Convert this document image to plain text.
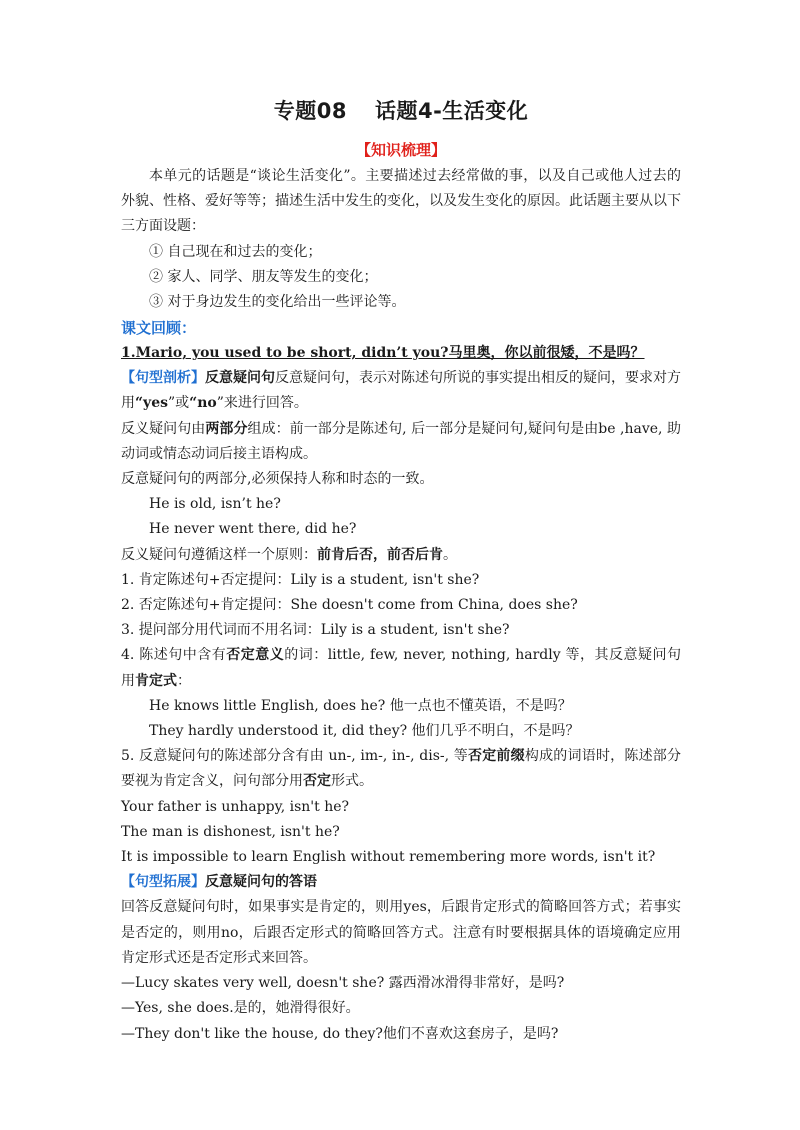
专题08 话题4-生活变化

【知识梳理】

本单元的话题是“谈论生活变化”。主要描述过去经常做的事，以及自己或他人过去的外貌、性格、爱好等等；描述生活中发生的变化，以及发生变化的原因。此话题主要从以下三方面设题：

① 自己现在和过去的变化；

② 家人、同学、朋友等发生的变化；

③ 对于身边发生的变化给出一些评论等。

课文回顾：

1.Mario, you used to be short, didn’t you?马里奥，你以前很矮，不是吗？

【句型剖析】反意疑问句反意疑问句，表示对陈述句所说的事实提出相反的疑问，要求对方用“yes”或“no”来进行回答。

反义疑问句由两部分组成：前一部分是陈述句, 后一部分是疑问句,疑问句是由be ,have, 助动词或情态动词后接主语构成。

反意疑问句的两部分,必须保持人称和时态的一致。

He is old, isn’t he?

He never went there, did he?

反义疑问句遵循这样一个原则：前肯后否，前否后肯。

1. 肯定陈述句+否定提问：Lily is a student, isn't she?

2. 否定陈述句+肯定提问：She doesn't come from China, does she?

3. 提问部分用代词而不用名词：Lily is a student, isn't she?

4. 陈述句中含有否定意义的词：little, few, never, nothing, hardly 等，其反意疑问句用肯定式：

He knows little English, does he? 他一点也不懂英语，不是吗？

They hardly understood it, did they? 他们几乎不明白，不是吗？

5. 反意疑问句的陈述部分含有由 un-, im-, in-, dis-, 等否定前缀构成的词语时，陈述部分要视为肯定含义，问句部分用否定形式。

Your father is unhappy, isn't he?

The man is dishonest, isn't he?

It is impossible to learn English without remembering more words, isn't it?

【句型拓展】反意疑问句的答语

回答反意疑问句时，如果事实是肯定的，则用yes，后跟肯定形式的简略回答方式；若事实是否定的，则用no，后跟否定形式的简略回答方式。注意有时要根据具体的语境确定应用肯定形式还是否定形式来回答。

—Lucy skates very well, doesn't she? 露西滑冰滑得非常好，是吗?

—Yes, she does.是的，她滑得很好。

—They don't like the house, do they?他们不喜欢这套房子，是吗?
